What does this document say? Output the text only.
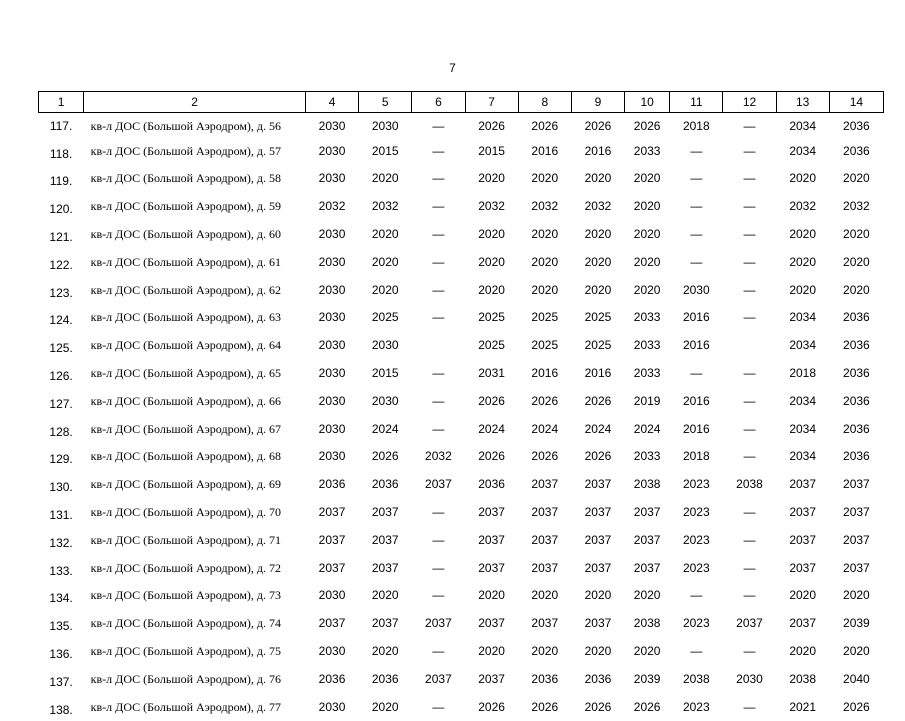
7
1	2	4	5	6	7	8	9	10	11	12	13	14
117.	кв-л ДОС (Большой Аэродром), д. 56	2030	2030	—	2026	2026	2026	2026	2018	—	2034	2036
118.	кв-л ДОС (Большой Аэродром), д. 57	2030	2015	—	2015	2016	2016	2033	—	—	2034	2036
119.	кв-л ДОС (Большой Аэродром), д. 58	2030	2020	—	2020	2020	2020	2020	—	—	2020	2020
120.	кв-л ДОС (Большой Аэродром), д. 59	2032	2032	—	2032	2032	2032	2020	—	—	2032	2032
121.	кв-л ДОС (Большой Аэродром), д. 60	2030	2020	—	2020	2020	2020	2020	—	—	2020	2020
122.	кв-л ДОС (Большой Аэродром), д. 61	2030	2020	—	2020	2020	2020	2020	—	—	2020	2020
123.	кв-л ДОС (Большой Аэродром), д. 62	2030	2020	—	2020	2020	2020	2020	2030	—	2020	2020
124.	кв-л ДОС (Большой Аэродром), д. 63	2030	2025	—	2025	2025	2025	2033	2016	—	2034	2036
125.	кв-л ДОС (Большой Аэродром), д. 64	2030	2030		2025	2025	2025	2033	2016		2034	2036
126.	кв-л ДОС (Большой Аэродром), д. 65	2030	2015	—	2031	2016	2016	2033	—	—	2018	2036
127.	кв-л ДОС (Большой Аэродром), д. 66	2030	2030	—	2026	2026	2026	2019	2016	—	2034	2036
128.	кв-л ДОС (Большой Аэродром), д. 67	2030	2024	—	2024	2024	2024	2024	2016	—	2034	2036
129.	кв-л ДОС (Большой Аэродром), д. 68	2030	2026	2032	2026	2026	2026	2033	2018	—	2034	2036
130.	кв-л ДОС (Большой Аэродром), д. 69	2036	2036	2037	2036	2037	2037	2038	2023	2038	2037	2037
131.	кв-л ДОС (Большой Аэродром), д. 70	2037	2037	—	2037	2037	2037	2037	2023	—	2037	2037
132.	кв-л ДОС (Большой Аэродром), д. 71	2037	2037	—	2037	2037	2037	2037	2023	—	2037	2037
133.	кв-л ДОС (Большой Аэродром), д. 72	2037	2037	—	2037	2037	2037	2037	2023	—	2037	2037
134.	кв-л ДОС (Большой Аэродром), д. 73	2030	2020	—	2020	2020	2020	2020	—	—	2020	2020
135.	кв-л ДОС (Большой Аэродром), д. 74	2037	2037	2037	2037	2037	2037	2038	2023	2037	2037	2039
136.	кв-л ДОС (Большой Аэродром), д. 75	2030	2020	—	2020	2020	2020	2020	—	—	2020	2020
137.	кв-л ДОС (Большой Аэродром), д. 76	2036	2036	2037	2037	2036	2036	2039	2038	2030	2038	2040
138.	кв-л ДОС (Большой Аэродром), д. 77	2030	2020	—	2026	2026	2026	2026	2023	—	2021	2026
